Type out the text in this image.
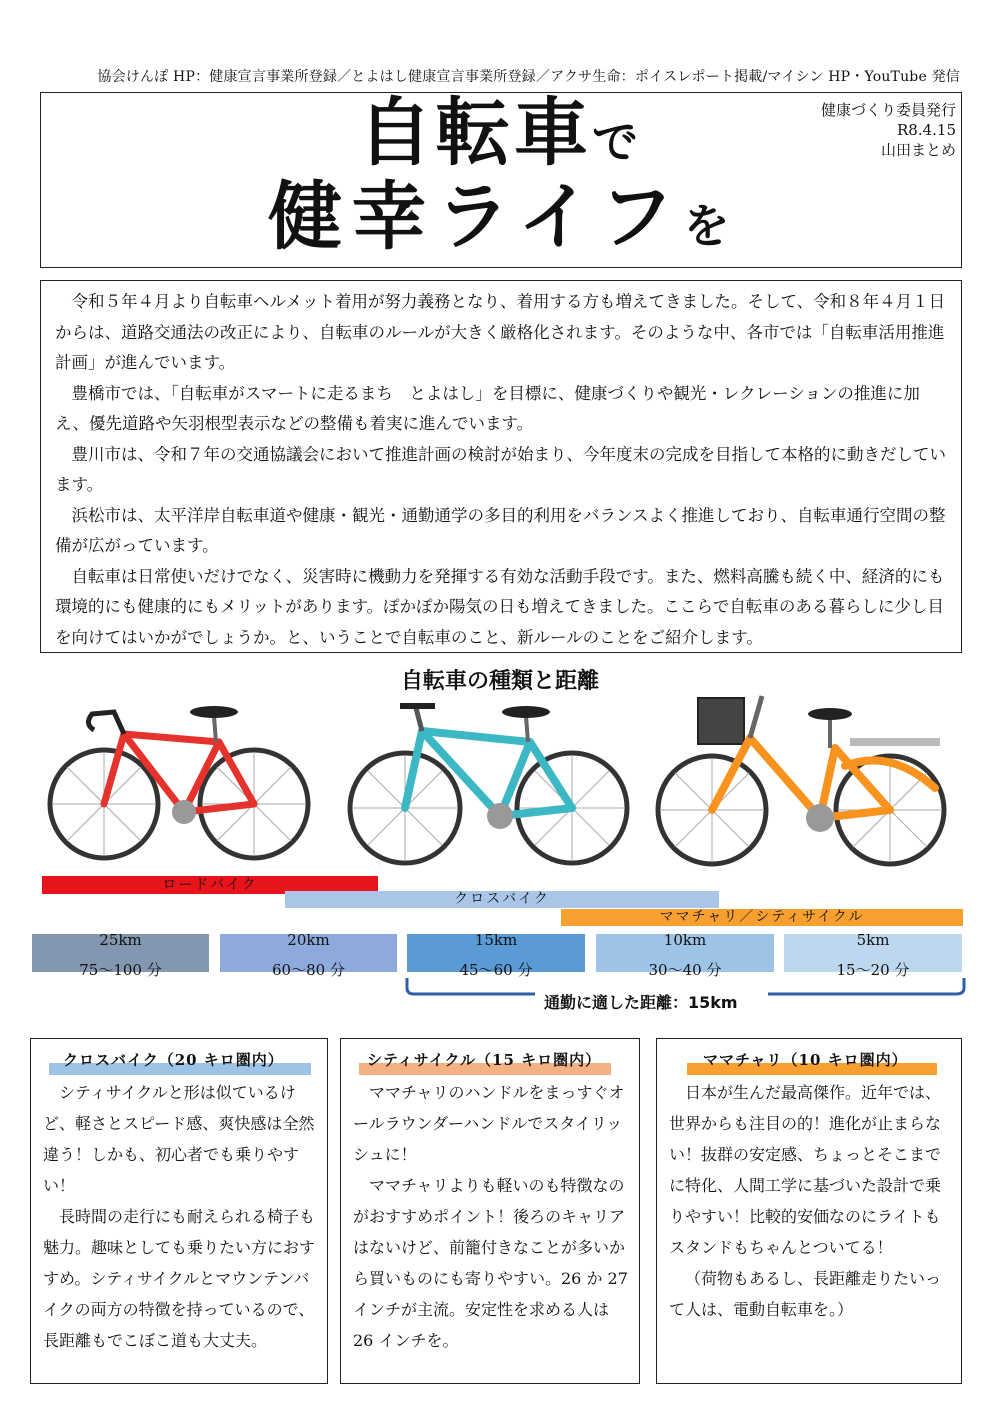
協会けんぽ HP：健康宣言事業所登録／とよはし健康宣言事業所登録／アクサ生命：ポイスレポート掲載/マイシン HP・YouTube 発信
自転車で
健幸ライフを
健康づくり委員発行
R8.4.15
山田まとめ

令和５年４月より自転車ヘルメット着用が努力義務となり、着用する方も増えてきました。そして、令和８年４月１日からは、道路交通法の改正により、自転車のルールが大きく厳格化されます。そのような中、各市では「自転車活用推進計画」が進んでいます。

豊橋市では、「自転車がスマートに走るまち　とよはし」を目標に、健康づくりや観光・レクレーションの推進に加え、優先道路や矢羽根型表示などの整備も着実に進んでいます。

豊川市は、令和７年の交通協議会において推進計画の検討が始まり、今年度末の完成を目指して本格的に動きだしています。

浜松市は、太平洋岸自転車道や健康・観光・通勤通学の多目的利用をバランスよく推進しており、自転車通行空間の整備が広がっています。

自転車は日常使いだけでなく、災害時に機動力を発揮する有効な活動手段です。また、燃料高騰も続く中、経済的にも環境的にも健康的にもメリットがあります。ぽかぽか陽気の日も増えてきました。ここらで自転車のある暮らしに少し目を向けてはいかがでしょうか。と、いうことで自転車のこと、新ルールのことをご紹介します。

自転車の種類と距離
ロードバイク
クロスバイク
ママチャリ／シティサイクル
25km
75〜100 分
20km
60〜80 分
15km
45〜60 分
10km
30〜40 分
5km
15〜20 分
通勤に適した距離：15km
クロスバイク（20 キロ圏内）

シティサイクルと形は似ているけど、軽さとスピード感、爽快感は全然違う！しかも、初心者でも乗りやすい！

長時間の走行にも耐えられる椅子も魅力。趣味としても乗りたい方におすすめ。シティサイクルとマウンテンバイクの両方の特徴を持っているので、長距離もでこぼこ道も大丈夫。

シティサイクル（15 キロ圏内）

ママチャリのハンドルをまっすぐオールラウンダーハンドルでスタイリッシュに！

ママチャリよりも軽いのも特徴なのがおすすめポイント！後ろのキャリアはないけど、前籠付きなことが多いから買いものにも寄りやすい。26 か 27 インチが主流。安定性を求める人は 26 インチを。

ママチャリ（10 キロ圏内）

日本が生んだ最高傑作。近年では、世界からも注目の的！進化が止まらない！抜群の安定感、ちょっとそこまでに特化、人間工学に基づいた設計で乗りやすい！比較的安価なのにライトもスタンドもちゃんとついてる！

（荷物もあるし、長距離走りたいって人は、電動自転車を。）
